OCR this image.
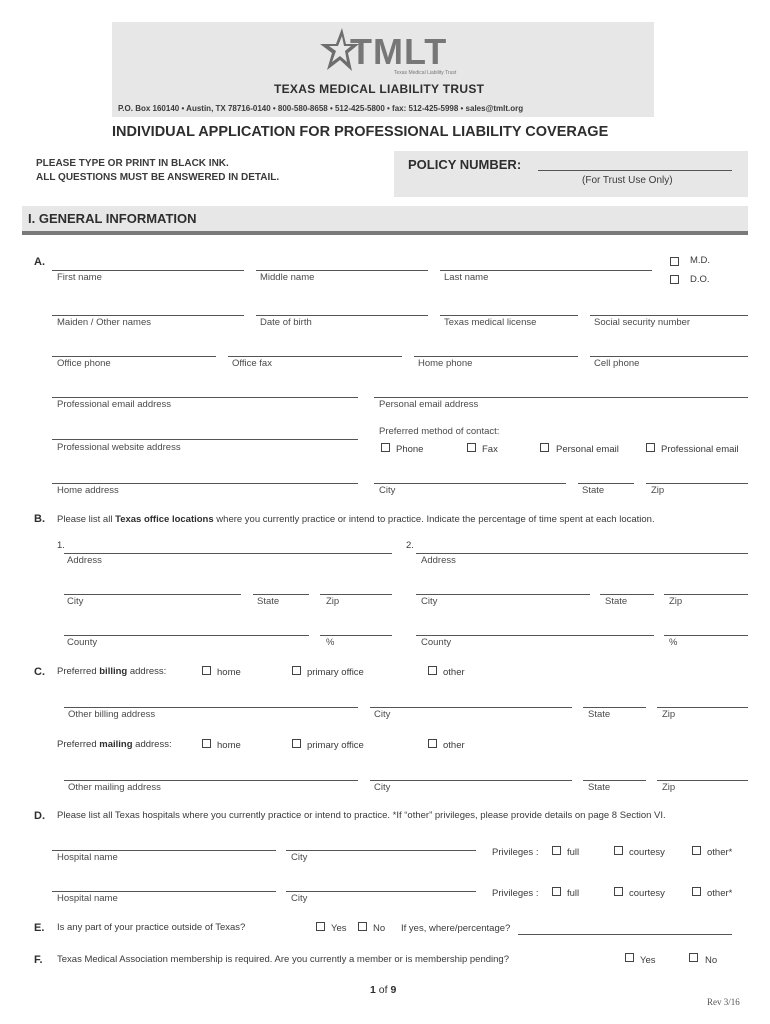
TMLT
Texas Medical Liability Trust
TEXAS MEDICAL LIABILITY TRUST
P.O. Box 160140 • Austin, TX 78716-0140 • 800-580-8658 • 512-425-5800 • fax: 512-425-5998 • sales@tmlt.org
INDIVIDUAL APPLICATION FOR PROFESSIONAL LIABILITY COVERAGE
PLEASE TYPE OR PRINT IN BLACK INK.
ALL QUESTIONS MUST BE ANSWERED IN DETAIL.
POLICY NUMBER:
(For Trust Use Only)
I. GENERAL INFORMATION
A.
First name	Middle name	Last name
M.D.
D.O.
Maiden / Other names	Date of birth	Texas medical license	Social security number
Office phone	Office fax	Home phone	Cell phone
Professional email address	Personal email address
Preferred method of contact:
Professional website address	Phone	Fax	Personal email	Professional email
Home address	City	State	Zip
B. Please list all Texas office locations where you currently practice or intend to practice. Indicate the percentage of time spent at each location.
1.
Address
2.
Address
City	State	Zip	City	State	Zip
County	%	County	%
C. Preferred billing address:	home	primary office	other
Other billing address	City	State	Zip
Preferred mailing address:	home	primary office	other
Other mailing address	City	State	Zip
D. Please list all Texas hospitals where you currently practice or intend to practice. *If “other” privileges, please provide details on page 8 Section VI.
Hospital name	City	Privileges :	full	courtesy	other*
Hospital name	City	Privileges :	full	courtesy	other*
E. Is any part of your practice outside of Texas?	Yes	No If yes, where/percentage?
F. Texas Medical Association membership is required. Are you currently a member or is membership pending?	Yes	No
1 of 9
Rev 3/16
